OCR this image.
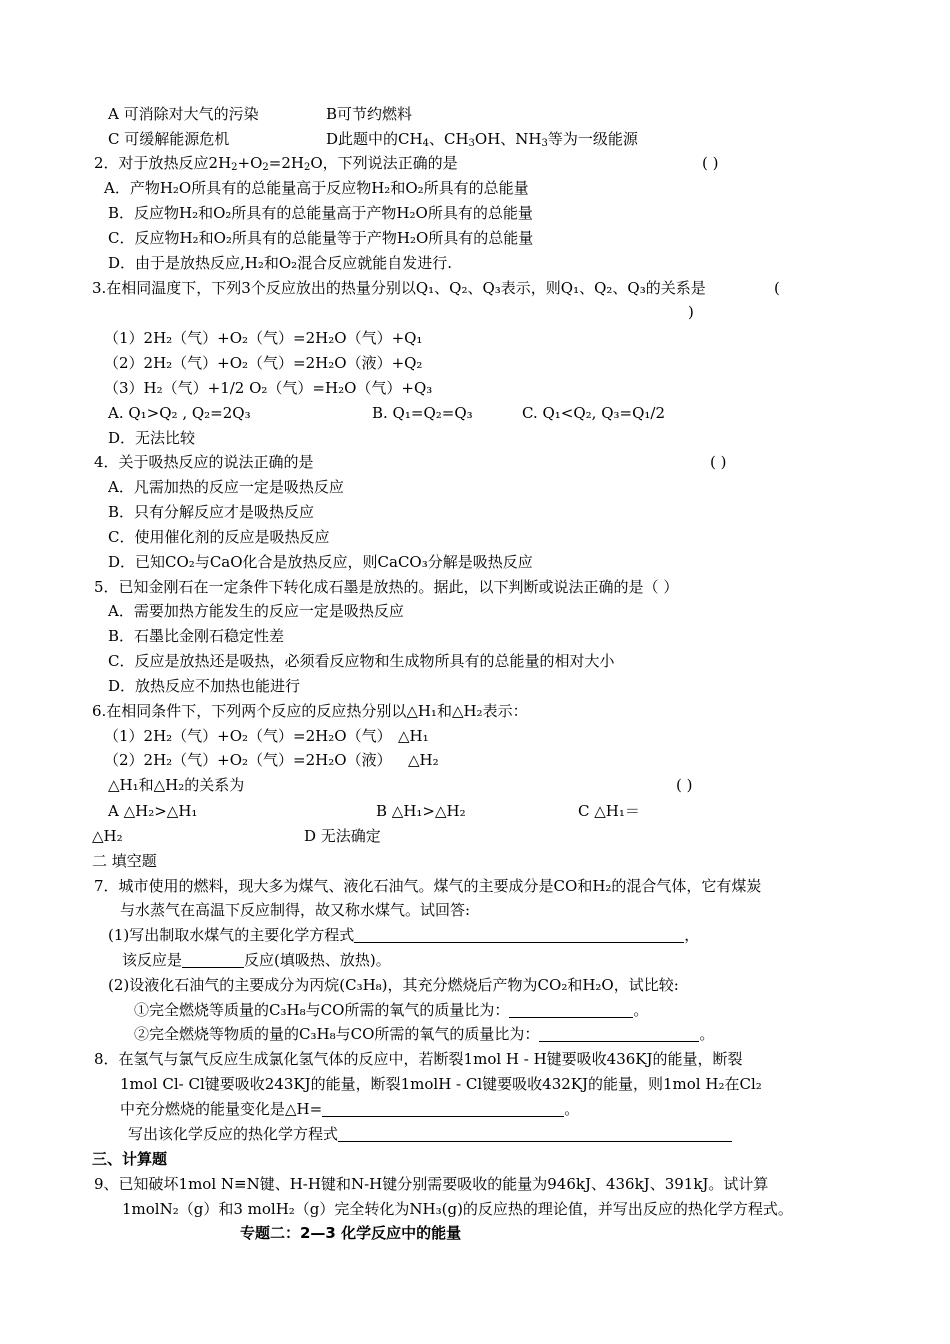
A 可消除对大气的污染	B可节约燃料
C 可缓解能源危机	D此题中的$CH_4$、$CH_3OH$、$NH_3$等为一级能源
2．对于放热反应$2H_2+O_2=2H_2O$，下列说法正确的是	( )
A．产物H₂O所具有的总能量高于反应物H₂和O₂所具有的总能量
B．反应物H₂和O₂所具有的总能量高于产物H₂O所具有的总能量
C．反应物H₂和O₂所具有的总能量等于产物H₂O所具有的总能量
D．由于是放热反应,H₂和O₂混合反应就能自发进行.
3.在相同温度下，下列3个反应放出的热量分别以Q₁、Q₂、Q₃表示，则Q₁、Q₂、Q₃的关系是	(
)
（1）2H₂（气）+O₂（气）=2H₂O（气）+Q₁
（2）2H₂（气）+O₂（气）=2H₂O（液）+Q₂
（3）H₂（气）+1/2 O₂（气）=H₂O（气）+Q₃
A. Q₁>Q₂ , Q₂=2Q₃	B. Q₁=Q₂=Q₃	C. Q₁<Q₂, Q₃=Q₁/2
D．无法比较
4．关于吸热反应的说法正确的是	( )
A．凡需加热的反应一定是吸热反应
B．只有分解反应才是吸热反应
C．使用催化剂的反应是吸热反应
D．已知CO₂与CaO化合是放热反应，则CaCO₃分解是吸热反应
5．已知金刚石在一定条件下转化成石墨是放热的。据此，以下判断或说法正确的是（ ）
A．需要加热方能发生的反应一定是吸热反应
B．石墨比金刚石稳定性差
C．反应是放热还是吸热，必须看反应物和生成物所具有的总能量的相对大小
D．放热反应不加热也能进行
6.在相同条件下，下列两个反应的反应热分别以△H₁和△H₂表示：
（1）2H₂（气）+O₂（气）=2H₂O（气） △H₁
（2）2H₂（气）+O₂（气）=2H₂O（液） △H₂
△H₁和△H₂的关系为	( )
A △H₂>△H₁	B △H₁>△H₂	C △H₁＝
△H₂	D 无法确定
二 填空题
7．城市使用的燃料，现大多为煤气、液化石油气。煤气的主要成分是CO和H₂的混合气体，它有煤炭
与水蒸气在高温下反应制得，故又称水煤气。试回答:
(1)写出制取水煤气的主要化学方程式	，
该反应是	反应(填吸热、放热)。
(2)设液化石油气的主要成分为丙烷(C₃H₈)，其充分燃烧后产物为CO₂和H₂O，试比较:
①完全燃烧等质量的C₃H₈与CO所需的氧气的质量比为：	。
②完全燃烧等物质的量的C₃H₈与CO所需的氧气的质量比为：	。
8．在氢气与氯气反应生成氯化氢气体的反应中，若断裂1mol H - H键要吸收436KJ的能量，断裂
1mol Cl- Cl键要吸收243KJ的能量，断裂1molH - Cl键要吸收432KJ的能量，则1mol H₂在Cl₂
中充分燃烧的能量变化是△H=	。
写出该化学反应的热化学方程式
三、计算题
9、已知破坏1mol N≡N键、H-H键和N-H键分别需要吸收的能量为946kJ、436kJ、391kJ。试计算
1molN₂（g）和3 molH₂（g）完全转化为NH₃(g)的反应热的理论值，并写出反应的热化学方程式。
专题二：2—3 化学反应中的能量
